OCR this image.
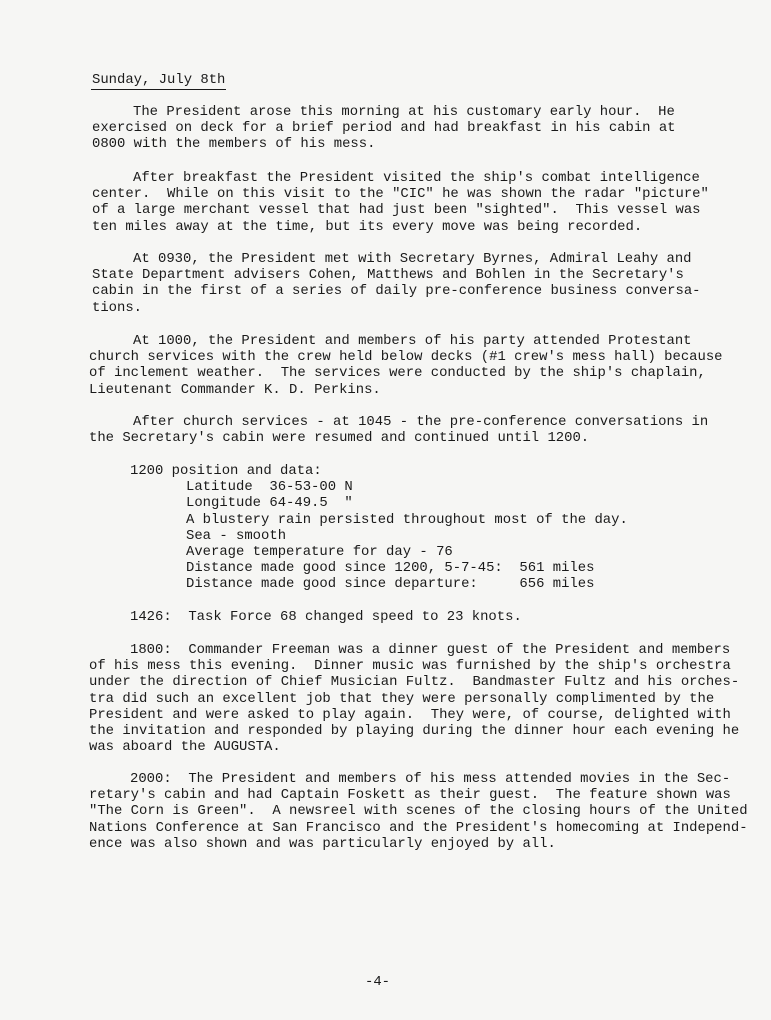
Sunday, July 8th
The President arose this morning at his customary early hour.  He
exercised on deck for a brief period and had breakfast in his cabin at
0800 with the members of his mess.
After breakfast the President visited the ship's combat intelligence
center.  While on this visit to the "CIC" he was shown the radar "picture"
of a large merchant vessel that had just been "sighted".  This vessel was
ten miles away at the time, but its every move was being recorded.
At 0930, the President met with Secretary Byrnes, Admiral Leahy and
State Department advisers Cohen, Matthews and Bohlen in the Secretary's
cabin in the first of a series of daily pre-conference business conversa-
tions.
At 1000, the President and members of his party attended Protestant
church services with the crew held below decks (#1 crew's mess hall) because
of inclement weather.  The services were conducted by the ship's chaplain,
Lieutenant Commander K. D. Perkins.
After church services - at 1045 - the pre-conference conversations in
the Secretary's cabin were resumed and continued until 1200.
1200 position and data:
Latitude  36-53-00 N
Longitude 64-49.5  "
A blustery rain persisted throughout most of the day.
Sea - smooth
Average temperature for day - 76
Distance made good since 1200, 5-7-45:  561 miles
Distance made good since departure:     656 miles
1426:  Task Force 68 changed speed to 23 knots.
1800:  Commander Freeman was a dinner guest of the President and members
of his mess this evening.  Dinner music was furnished by the ship's orchestra
under the direction of Chief Musician Fultz.  Bandmaster Fultz and his orches-
tra did such an excellent job that they were personally complimented by the
President and were asked to play again.  They were, of course, delighted with
the invitation and responded by playing during the dinner hour each evening he
was aboard the AUGUSTA.
2000:  The President and members of his mess attended movies in the Sec-
retary's cabin and had Captain Foskett as their guest.  The feature shown was
"The Corn is Green".  A newsreel with scenes of the closing hours of the United
Nations Conference at San Francisco and the President's homecoming at Independ-
ence was also shown and was particularly enjoyed by all.
-4-
